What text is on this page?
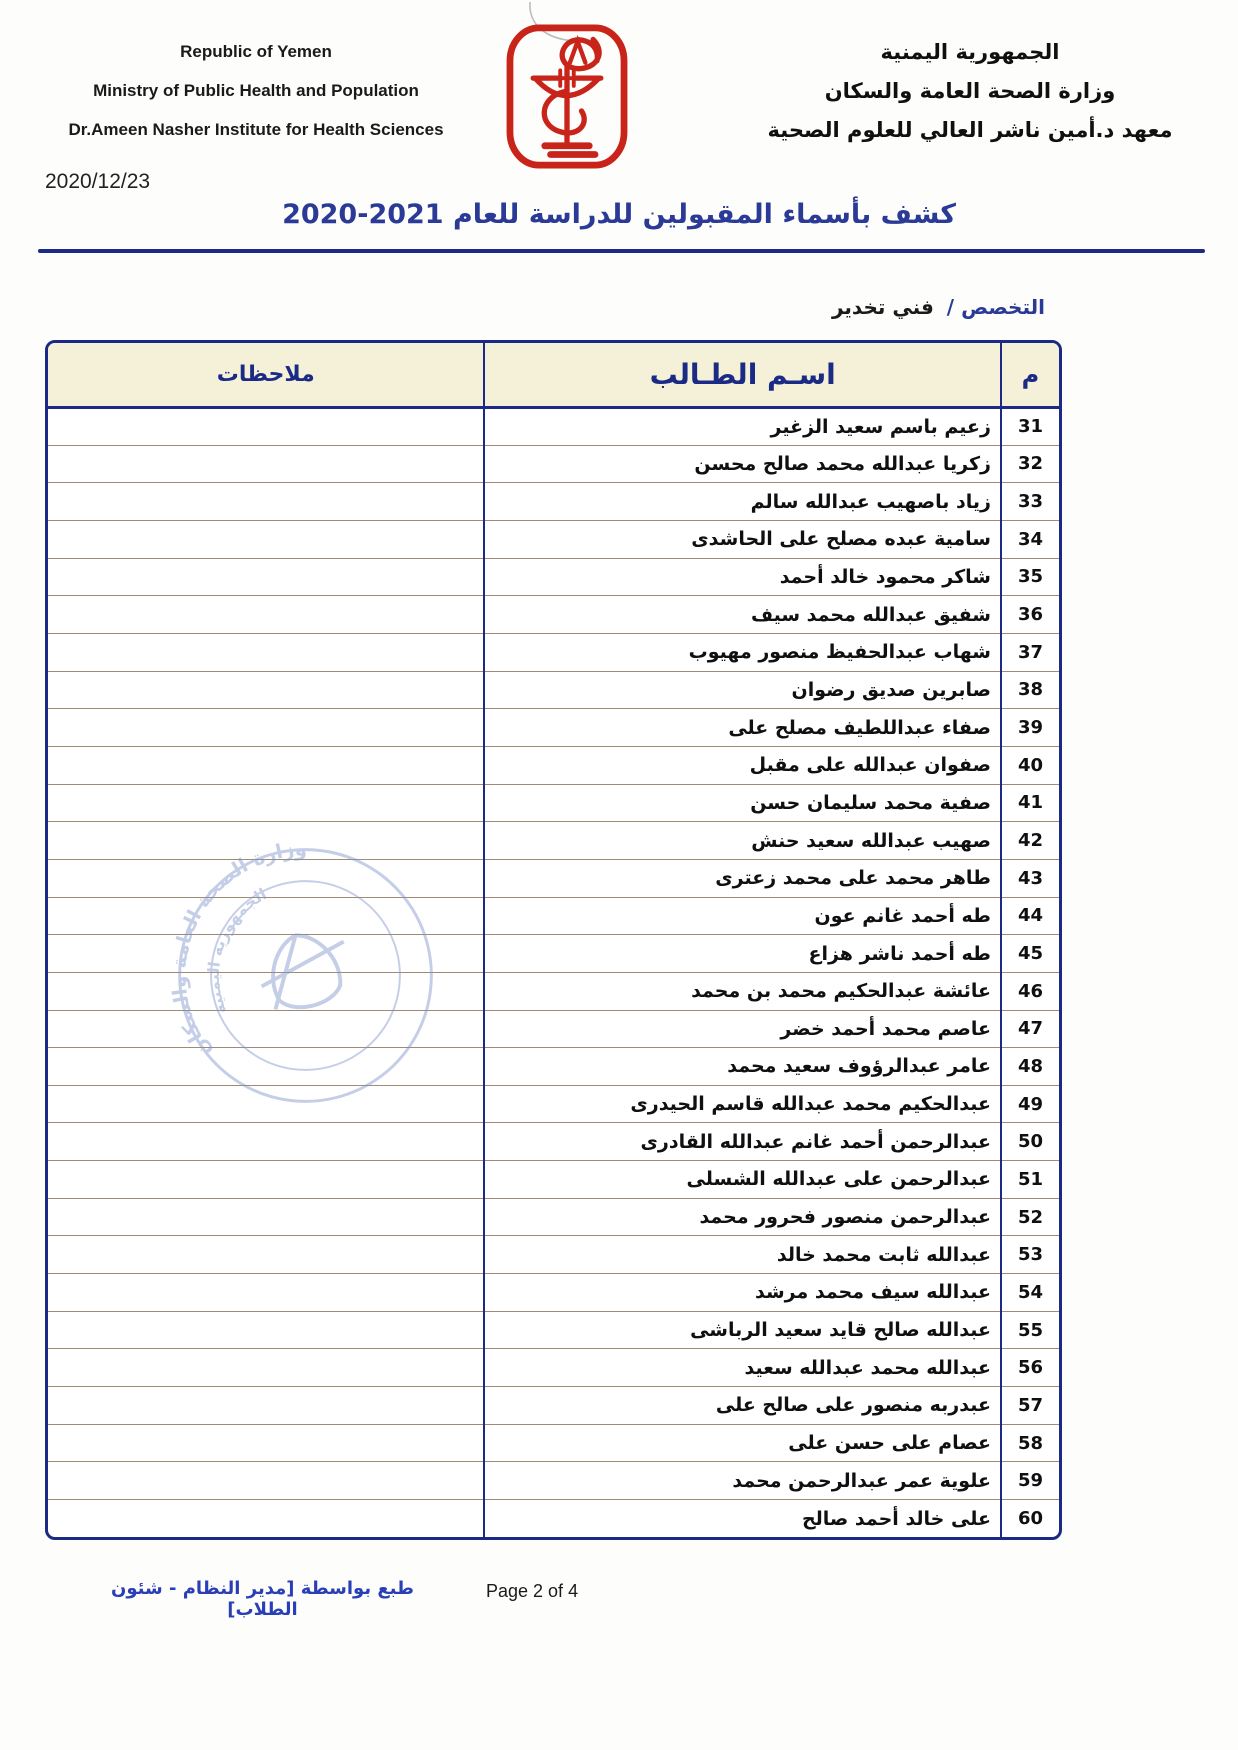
Republic of Yemen
Ministry of Public Health and Population
Dr.Ameen Nasher Institute for Health Sciences
الجمهورية اليمنية
وزارة الصحة العامة والسكان
معهد د.أمين ناشر العالي للعلوم الصحية
2020/12/23
كشف بأسماء المقبولين للدراسة للعام 2021-2020
التخصص / فني تخدير
م	اسـم الطـالب	ملاحظات
31	زعيم باسم سعيد الزغير	
32	زكريا عبدالله محمد صالح محسن	
33	زياد باصهيب عبدالله سالم	
34	سامية عبده مصلح على الحاشدى	
35	شاكر محمود خالد أحمد	
36	شفيق عبدالله محمد سيف	
37	شهاب عبدالحفيظ منصور مهيوب	
38	صابرين صديق رضوان	
39	صفاء عبداللطيف مصلح على	
40	صفوان عبدالله على مقبل	
41	صفية محمد سليمان حسن	
42	صهيب عبدالله سعيد حنش	
43	طاهر محمد على محمد زعترى	
44	طه أحمد غانم عون	
45	طه أحمد ناشر هزاع	
46	عائشة عبدالحكيم محمد بن محمد	
47	عاصم محمد أحمد خضر	
48	عامر عبدالرؤوف سعيد محمد	
49	عبدالحكيم محمد عبدالله قاسم الحيدرى	
50	عبدالرحمن أحمد غانم عبدالله القادرى	
51	عبدالرحمن على عبدالله الشسلى	
52	عبدالرحمن منصور فحرور محمد	
53	عبدالله ثابت محمد خالد	
54	عبدالله سيف محمد مرشد	
55	عبدالله صالح قايد سعيد الرباشى	
56	عبدالله محمد عبدالله سعيد	
57	عبدربه منصور على صالح على	
58	عصام على حسن على	
59	علوية عمر عبدالرحمن محمد	
60	على خالد أحمد صالح	
وزارة الصحة العامة والسكان
الجمهورية اليمنية
طبع بواسطة [مدير النظام - شئون الطلاب]
Page 2 of 4
